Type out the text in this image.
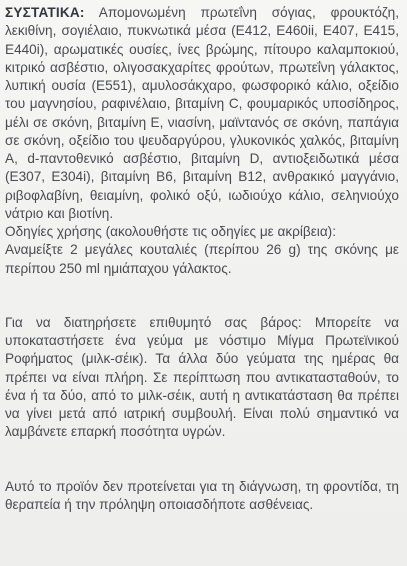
ΣΥΣΤΑΤΙΚΑ: Απομονωμένη πρωτεΐνη σόγιας, φρουκτόζη, λεκιθίνη, σογιέλαιο, πυκνωτικά μέσα (E412, E460ii, E407, E415, E440i), αρωματικές ουσίες, ίνες βρώμης, πίτουρο καλαμποκιού, κιτρικό ασβέστιο, ολιγοσακχαρίτες φρούτων, πρωτεΐνη γάλακτος, λυπική ουσία (E551), αμυλοσάκχαρο, φωσφορικό κάλιο, οξείδιο του μαγνησίου, ραφινέλαιο, βιταμίνη C, φουμαρικός υποσίδηρος, μέλι σε σκόνη, βιταμίνη Ε, νιασίνη, μαϊντανός σε σκόνη, παπάγια σε σκόνη, οξείδιο του ψευδαργύρου, γλυκονικός χαλκός, βιταμίνη Α, d-παντοθενικό ασβέστιο, βιταμίνη D, αντιοξειδωτικά μέσα (E307, E304i), βιταμίνη Β6, βιταμίνη Β12, ανθρακικό μαγγάνιο, ριβοφλαβίνη, θειαμίνη, φολικό οξύ, ιωδιούχο κάλιο, σεληνιούχο νάτριο και βιοτίνη.

Οδηγίες χρήσης (ακολουθήστε τις οδηγίες με ακρίβεια):

Αναμείξτε 2 μεγάλες κουταλιές (περίπου 26 g) της σκόνης με περίπου 250 ml ημιάπαχου γάλακτος.

Για να διατηρήσετε επιθυμητό σας βάρος: Μπορείτε να υποκαταστήσετε ένα γεύμα με νόστιμο Μίγμα Πρωτεϊνικού Ροφήματος (μιλκ-σέικ). Τα άλλα δύο γεύματα της ημέρας θα πρέπει να είναι πλήρη. Σε περίπτωση που αντικατασταθούν, το ένα ή τα δύο, από το μιλκ-σέικ, αυτή η αντικατάσταση θα πρέπει να γίνει μετά από ιατρική συμβουλή. Είναι πολύ σημαντικό να λαμβάνετε επαρκή ποσότητα υγρών.

Αυτό το προϊόν δεν προτείνεται για τη διάγνωση, τη φροντίδα, τη θεραπεία ή την πρόληψη οποιασδήποτε ασθένειας.
